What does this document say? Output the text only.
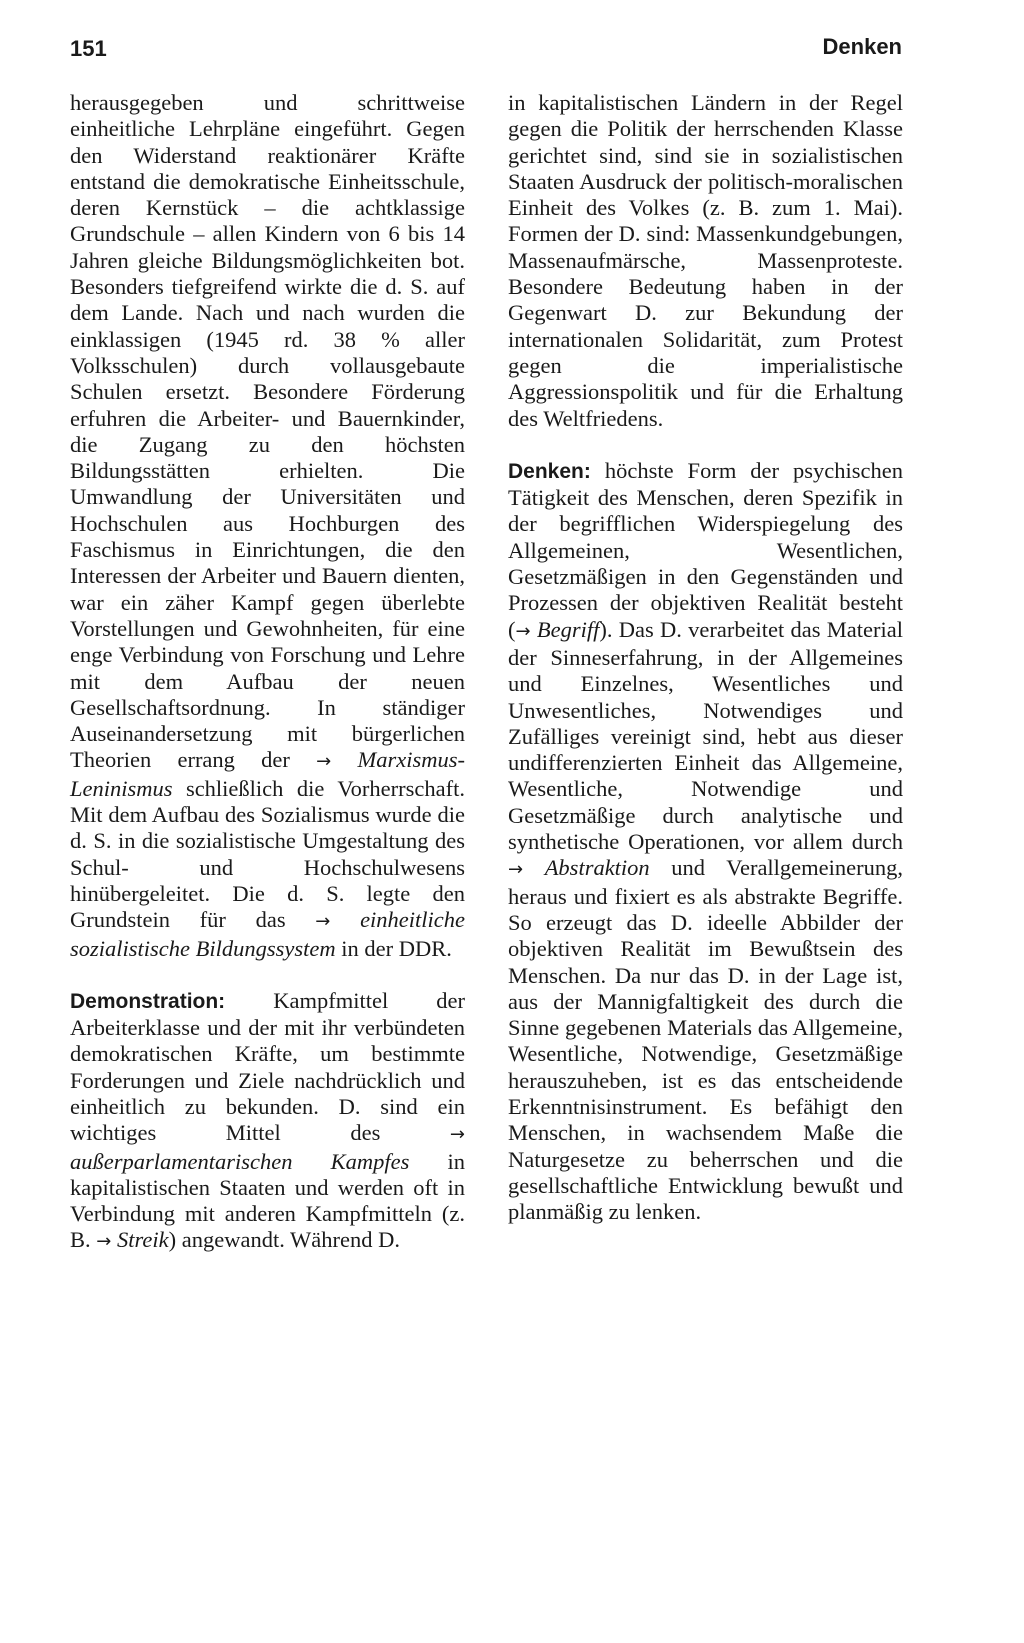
151	Denken

herausgegeben und schrittweise einheitliche Lehrpläne eingeführt. Gegen den Widerstand reaktionärer Kräfte entstand die demokratische Einheitsschule, deren Kernstück – die achtklassige Grundschule – allen Kindern von 6 bis 14 Jahren gleiche Bildungsmöglichkeiten bot. Besonders tiefgreifend wirkte die d. S. auf dem Lande. Nach und nach wurden die einklassigen (1945 rd. 38 % aller Volksschulen) durch vollausgebaute Schulen ersetzt. Besondere Förderung erfuhren die Arbeiter- und Bauernkinder, die Zugang zu den höchsten Bildungsstätten erhielten. Die Umwandlung der Universitäten und Hochschulen aus Hochburgen des Faschismus in Einrichtungen, die den Interessen der Arbeiter und Bauern dienten, war ein zäher Kampf gegen überlebte Vorstellungen und Gewohnheiten, für eine enge Verbindung von Forschung und Lehre mit dem Aufbau der neuen Gesellschaftsordnung. In ständiger Auseinandersetzung mit bürgerlichen Theorien errang der → Marxismus-Leninismus schließlich die Vorherrschaft. Mit dem Aufbau des Sozialismus wurde die d. S. in die sozialistische Umgestaltung des Schul- und Hochschulwesens hinübergeleitet. Die d. S. legte den Grundstein für das → einheitliche sozialistische Bildungssystem in der DDR.

Demonstration: Kampfmittel der Arbeiterklasse und der mit ihr verbündeten demokratischen Kräfte, um bestimmte Forderungen und Ziele nachdrücklich und einheitlich zu bekunden. D. sind ein wichtiges Mittel des	→ außerparlamentarischen Kampfes in kapitalistischen Staaten und werden oft in Verbindung mit anderen Kampfmitteln (z. B. → Streik) angewandt. Während D.

in kapitalistischen Ländern in der Regel gegen die Politik der herrschenden Klasse gerichtet sind, sind sie in sozialistischen Staaten Ausdruck der politisch-moralischen Einheit des Volkes (z. B. zum 1. Mai). Formen der D. sind: Massenkundgebungen, Massenaufmärsche, Massenproteste. Besondere Bedeutung haben in der Gegenwart D. zur Bekundung der internationalen Solidarität, zum Protest gegen die imperialistische Aggressionspolitik und für die Erhaltung des Weltfriedens.

Denken: höchste Form der psychischen Tätigkeit des Menschen, deren Spezifik in der begrifflichen Widerspiegelung des Allgemeinen, Wesentlichen, Gesetzmäßigen in den Gegenständen und Prozessen der objektiven Realität besteht (→ Begriff). Das D. verarbeitet das Material der Sinneserfahrung, in der Allgemeines und Einzelnes, Wesentliches und Unwesentliches, Notwendiges und Zufälliges vereinigt sind, hebt aus dieser undifferenzierten Einheit das Allgemeine, Wesentliche, Notwendige und Gesetzmäßige durch analytische und synthetische Operationen, vor allem durch → Abstraktion und Verallgemeinerung, heraus und fixiert es als abstrakte Begriffe. So erzeugt das D. ideelle Abbilder der objektiven Realität im Bewußtsein des Menschen. Da nur das D. in der Lage ist, aus der Mannigfaltigkeit des durch die Sinne gegebenen Materials das Allgemeine, Wesentliche, Notwendige, Gesetzmäßige herauszuheben, ist es das entscheidende Erkenntnisinstrument. Es befähigt den Menschen, in wachsendem Maße die Naturgesetze zu beherrschen und die gesellschaftliche Entwicklung bewußt und planmäßig zu lenken.
